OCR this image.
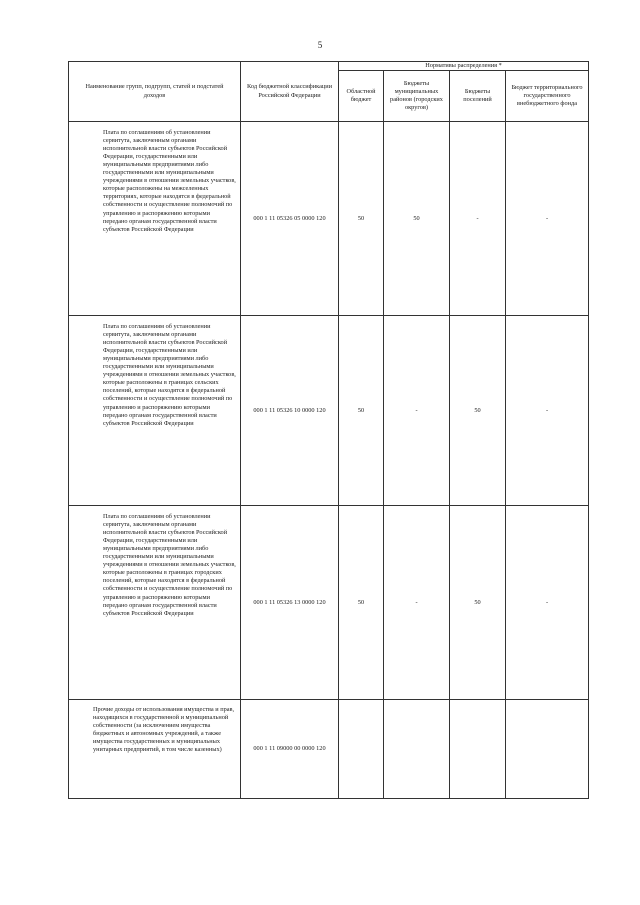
5
Наименование групп, подгрупп, статей и подстатей доходов	Код бюджетной классификации Российской Федерации	Нормативы распределения *			
		Областной бюджет	Бюджеты муниципальных районов (городских округов)	Бюджеты поселений	Бюджет территориального государственного внебюджетного фонда
Плата по соглашениям об установлении сервитута, заключенным органами исполнительной власти субъектов Российской Федерации, государственными или муниципальными предприятиями либо государственными или муниципальными учреждениями в отношении земельных участков, которые расположены на межселенных территориях, которые находятся в федеральной собственности и осуществление полномочий по управлению и распоряжению которыми передано органам государственной власти субъектов Российской Федерации	000 1 11 05326 05 0000 120	50	50	-	-
Плата по соглашениям об установлении сервитута, заключенным органами исполнительной власти субъектов Российской Федерации, государственными или муниципальными предприятиями либо государственными или муниципальными учреждениями в отношении земельных участков, которые расположены в границах сельских поселений, которые находятся в федеральной собственности и осуществление полномочий по управлению и распоряжению которыми передано органам государственной власти субъектов Российской Федерации	000 1 11 05326 10 0000 120	50	-	50	-
Плата по соглашениям об установлении сервитута, заключенным органами исполнительной власти субъектов Российской Федерации, государственными или муниципальными предприятиями либо государственными или муниципальными учреждениями в отношении земельных участков, которые расположены в границах городских поселений, которые находятся в федеральной собственности и осуществление полномочий по управлению и распоряжению которыми передано органам государственной власти субъектов Российской Федерации	000 1 11 05326 13 0000 120	50	-	50	-
Прочие доходы от использования имущества и прав, находящихся в государственной и муниципальной собственности (за исключением имущества бюджетных и автономных учреждений, а также имущества государственных и муниципальных унитарных предприятий, в том числе казенных)	000 1 11 09000 00 0000 120				
